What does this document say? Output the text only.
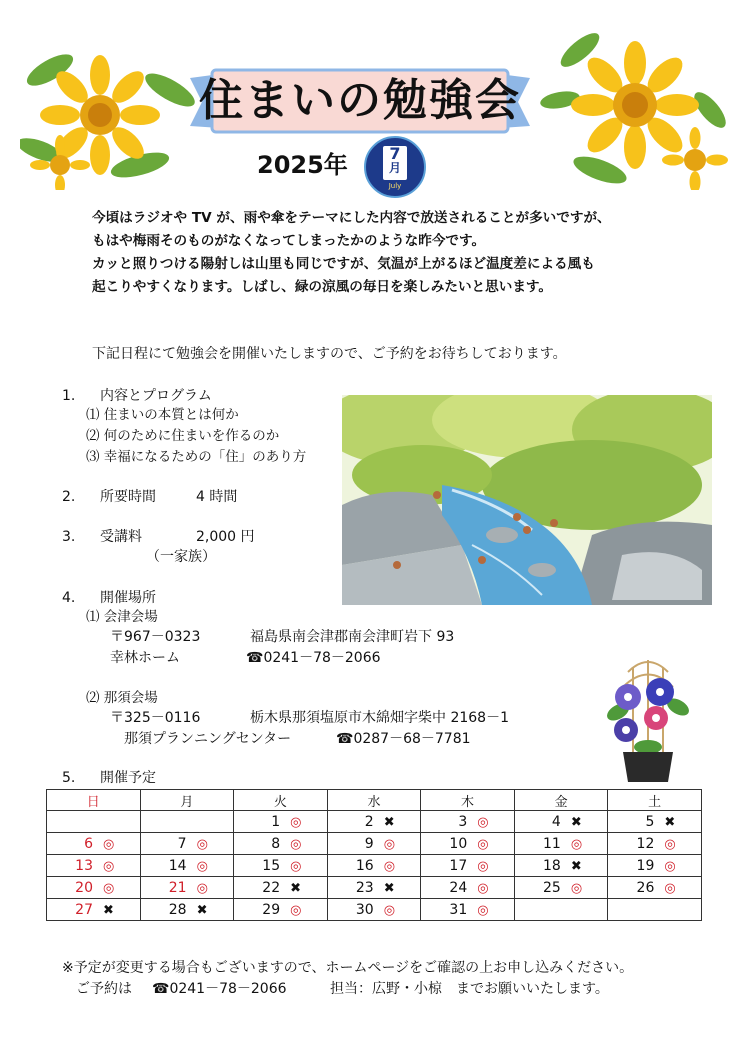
住まいの勉強会
2025年	7
月
July
今頃はラジオや TV が、雨や傘をテーマにした内容で放送されることが多いですが、
もはや梅雨そのものがなくなってしまったかのような昨今です。
カッと照りつける陽射しは山里も同じですが、気温が上がるほど温度差による風も
起こりやすくなります。しばし、緑の涼風の毎日を楽しみたいと思います。
下記日程にて勉強会を開催いたしますので、ご予約をお待ちしております。
1. 内容とプログラム
⑴ 住まいの本質とは何か
⑵ 何のために住まいを作るのか
⑶ 幸福になるための「住」のあり方
2. 所要時間	4 時間
3. 受講料	2,000 円
（一家族）
4. 開催場所
⑴ 会津会場
〒967－0323	福島県南会津郡南会津町岩下 93
幸林ホーム	☎0241－78－2066
⑵ 那須会場
〒325－0116	栃木県那須塩原市木綿畑字柴中 2168－1
那須プランニングセンター	☎0287－68－7781
5. 開催予定
日	月	火	水	木	金	土
		1 ◎	2 ✖	3 ◎	4 ✖	5 ✖
6 ◎	7 ◎	8 ◎	9 ◎	10 ◎	11 ◎	12 ◎
13 ◎	14 ◎	15 ◎	16 ◎	17 ◎	18 ✖	19 ◎
20 ◎	21 ◎	22 ✖	23 ✖	24 ◎	25 ◎	26 ◎
27 ✖	28 ✖	29 ◎	30 ◎	31 ◎		
※予定が変更する場合もございますので、ホームページをご確認の上お申し込みください。
ご予約は ☎0241－78－2066	担当：広野・小椋　までお願いいたします。
